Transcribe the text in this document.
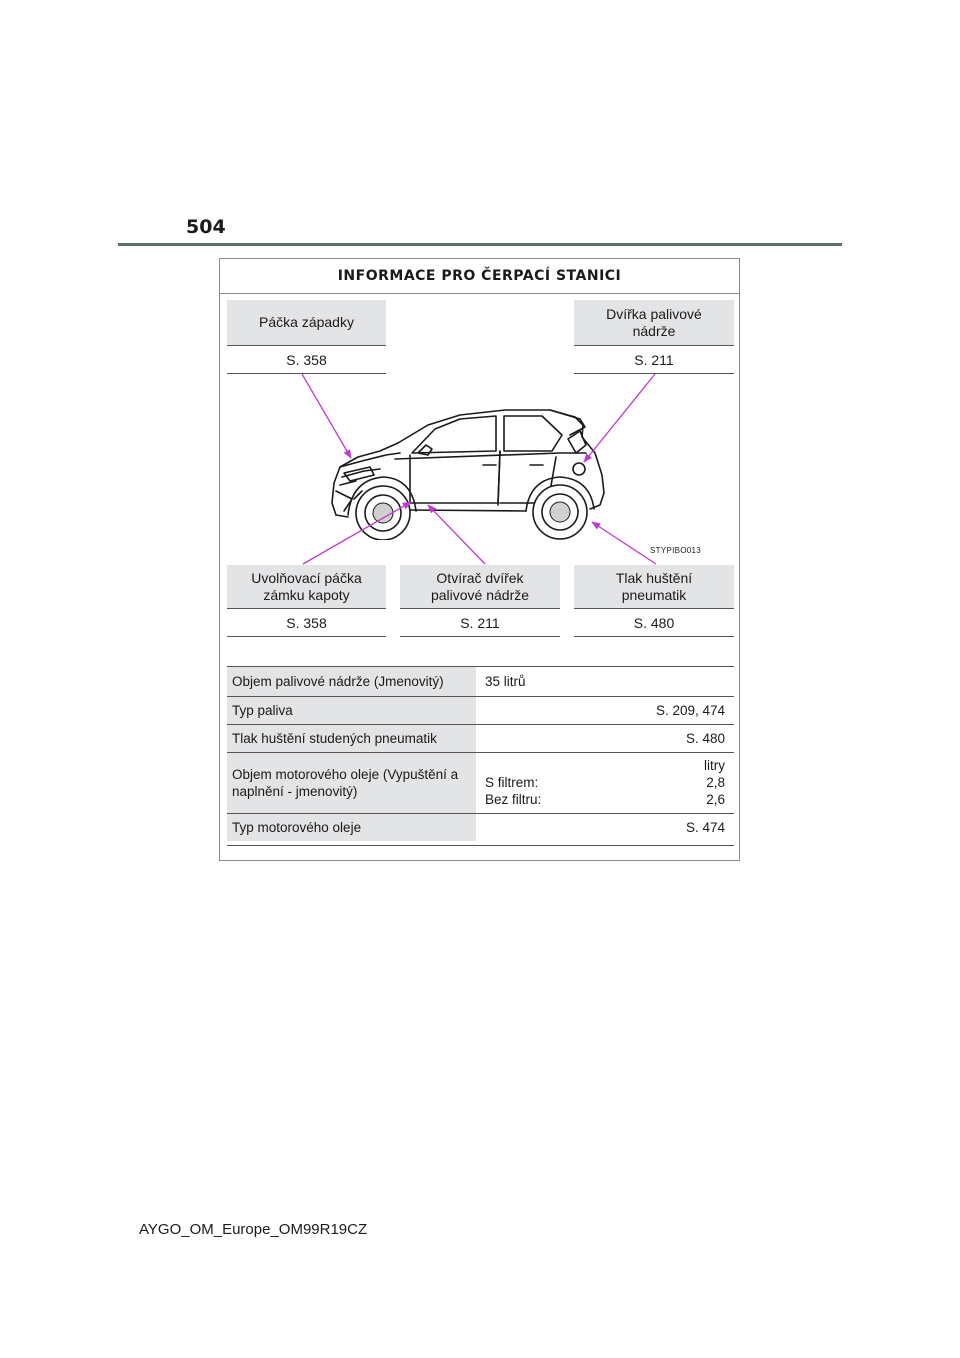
504
INFORMACE PRO ČERPACÍ STANICI
Páčka západky
S. 358
Dvířka palivové nádrže
S. 211
STYPIBO013
Uvolňovací páčka zámku kapoty
S. 358
Otvírač dvířek palivové nádrže
S. 211
Tlak huštění pneumatik
S. 480
Objem palivové nádrže (Jmenovitý)	35 litrů
Typ paliva	S. 209, 474
Tlak huštění studených pneumatik	S. 480
Objem motorového oleje (Vypuštění a naplnění - jmenovitý)
litry
S filtrem:	2,8
Bez filtru:	2,6
Typ motorového oleje	S. 474
AYGO_OM_Europe_OM99R19CZ
